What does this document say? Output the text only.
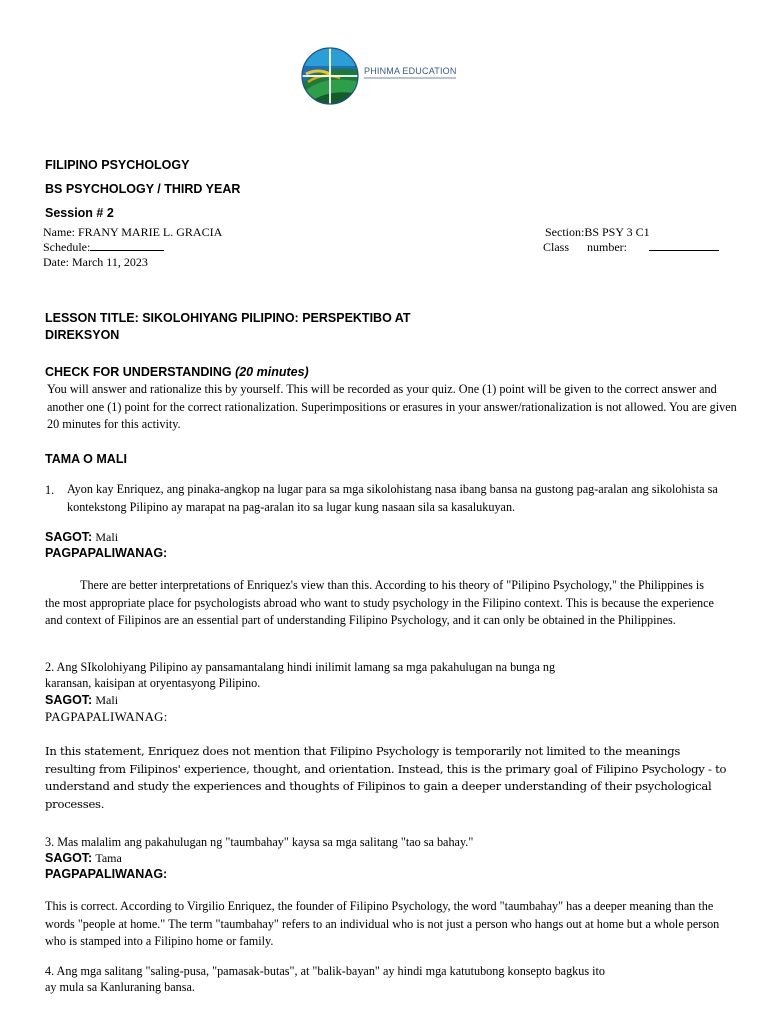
PHINMA EDUCATION
FILIPINO PSYCHOLOGY
BS PSYCHOLOGY / THIRD YEAR
Session # 2
Name: FRANY MARIE L. GRACIA	Section:BS PSY 3 C1
Schedule:	Class number:
Date: March 11, 2023
LESSON TITLE: SIKOLOHIYANG PILIPINO: PERSPEKTIBO AT
DIREKSYON
CHECK FOR UNDERSTANDING (20 minutes)
You will answer and rationalize this by yourself. This will be recorded as your quiz. One (1) point will be given to the correct answer and another one (1) point for the correct rationalization. Superimpositions or erasures in your answer/rationalization is not allowed. You are given 20 minutes for this activity.
TAMA O MALI
1. Ayon kay Enriquez, ang pinaka-angkop na lugar para sa mga sikolohistang nasa ibang bansa na gustong pag-aralan ang sikolohista sa kontekstong Pilipino ay marapat na pag-aralan ito sa lugar kung nasaan sila sa kasalukuyan.
SAGOT: Mali
PAGPAPALIWANAG:
There are better interpretations of Enriquez's view than this. According to his theory of "Pilipino Psychology," the Philippines is the most appropriate place for psychologists abroad who want to study psychology in the Filipino context. This is because the experience and context of Filipinos are an essential part of understanding Filipino Psychology, and it can only be obtained in the Philippines.
2. Ang SIkolohiyang Pilipino ay pansamantalang hindi inilimit lamang sa mga pakahulugan na bunga ng
karansan, kaisipan at oryentasyong Pilipino.
SAGOT: Mali
PAGPAPALIWANAG:
In this statement, Enriquez does not mention that Filipino Psychology is temporarily not limited to the meanings resulting from Filipinos' experience, thought, and orientation. Instead, this is the primary goal of Filipino Psychology - to understand and study the experiences and thoughts of Filipinos to gain a deeper understanding of their psychological processes.
3. Mas malalim ang pakahulugan ng "taumbahay" kaysa sa mga salitang "tao sa bahay."
SAGOT: Tama
PAGPAPALIWANAG:
This is correct. According to Virgilio Enriquez, the founder of Filipino Psychology, the word "taumbahay" has a deeper meaning than the words "people at home." The term "taumbahay" refers to an individual who is not just a person who hangs out at home but a whole person who is stamped into a Filipino home or family.
4. Ang mga salitang "saling-pusa, "pamasak-butas", at "balik-bayan" ay hindi mga katutubong konsepto bagkus ito
ay mula sa Kanluraning bansa.
